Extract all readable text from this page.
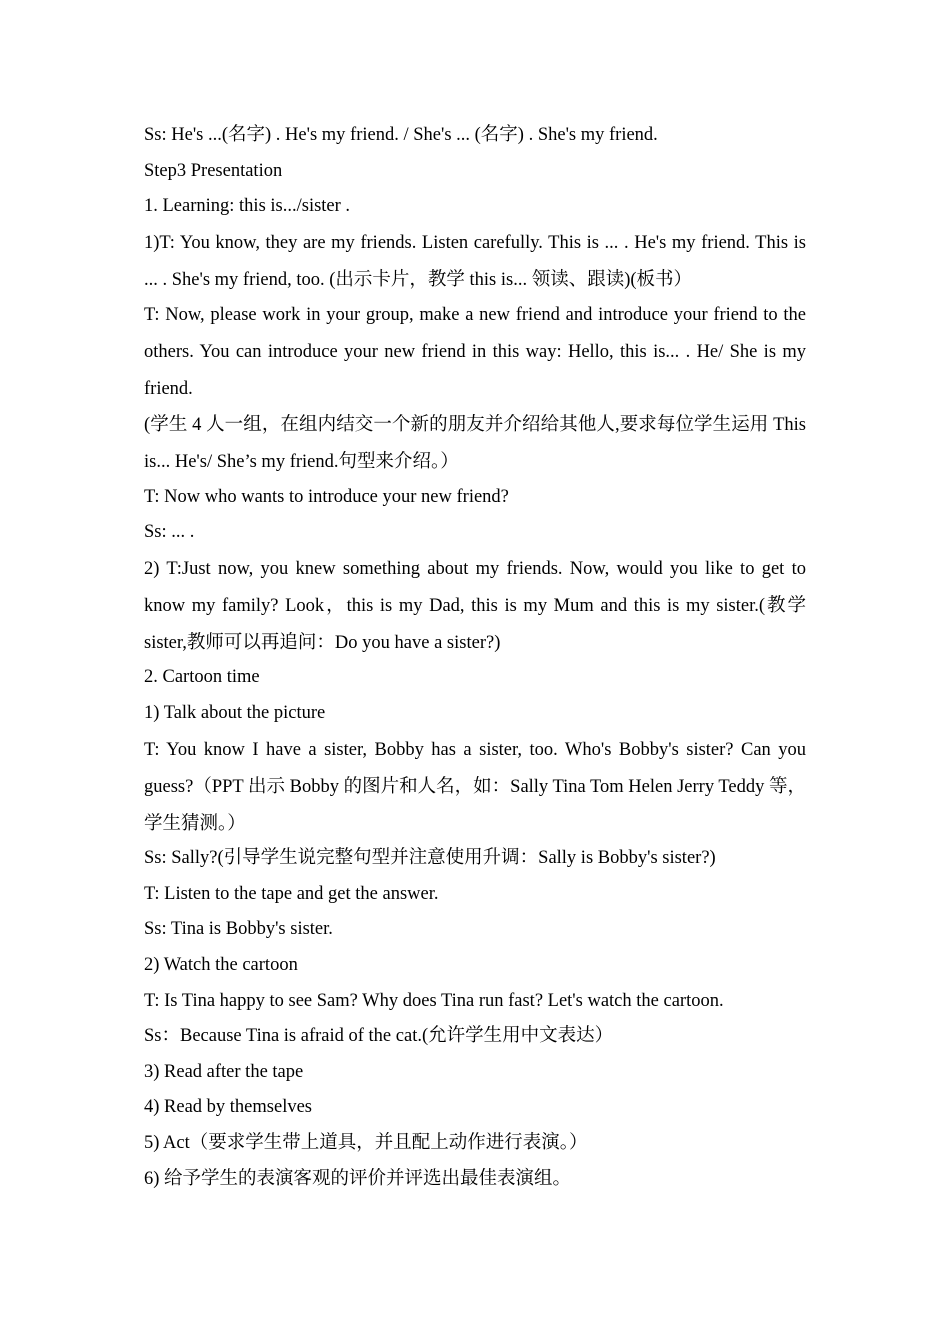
Ss: He's ...(名字) . He's my friend. / She's ... (名字) . She's my friend.

Step3 Presentation

1. Learning: this is.../sister .

1)T: You know, they are my friends. Listen carefully. This is ... . He's my friend. This is ... . She's my friend, too. (出示卡片，教学 this is... 领读、跟读)(板书）

T: Now, please work in your group, make a new friend and introduce your friend to the others. You can introduce your new friend in this way: Hello, this is... . He/ She is my friend.

(学生 4 人一组，在组内结交一个新的朋友并介绍给其他人,要求每位学生运用 This is... He's/ She’s my friend.句型来介绍。）

T: Now who wants to introduce your new friend?

Ss: ... .

2) T:Just now, you knew something about my friends. Now, would you like to get to know my family? Look，this is my Dad, this is my Mum and this is my sister.(教学 sister,教师可以再追问：Do you have a sister?)

2. Cartoon time

1) Talk about the picture

T: You know I have a sister, Bobby has a sister, too. Who's Bobby's sister? Can you guess?（PPT 出示 Bobby 的图片和人名，如：Sally Tina Tom Helen Jerry Teddy 等，学生猜测。）

Ss: Sally?(引导学生说完整句型并注意使用升调：Sally is Bobby's sister?)

T: Listen to the tape and get the answer.

Ss: Tina is Bobby's sister.

2) Watch the cartoon

T: Is Tina happy to see Sam? Why does Tina run fast? Let's watch the cartoon.

Ss：Because Tina is afraid of the cat.(允许学生用中文表达）

3) Read after the tape

4) Read by themselves

5) Act（要求学生带上道具，并且配上动作进行表演。）

6) 给予学生的表演客观的评价并评选出最佳表演组。
